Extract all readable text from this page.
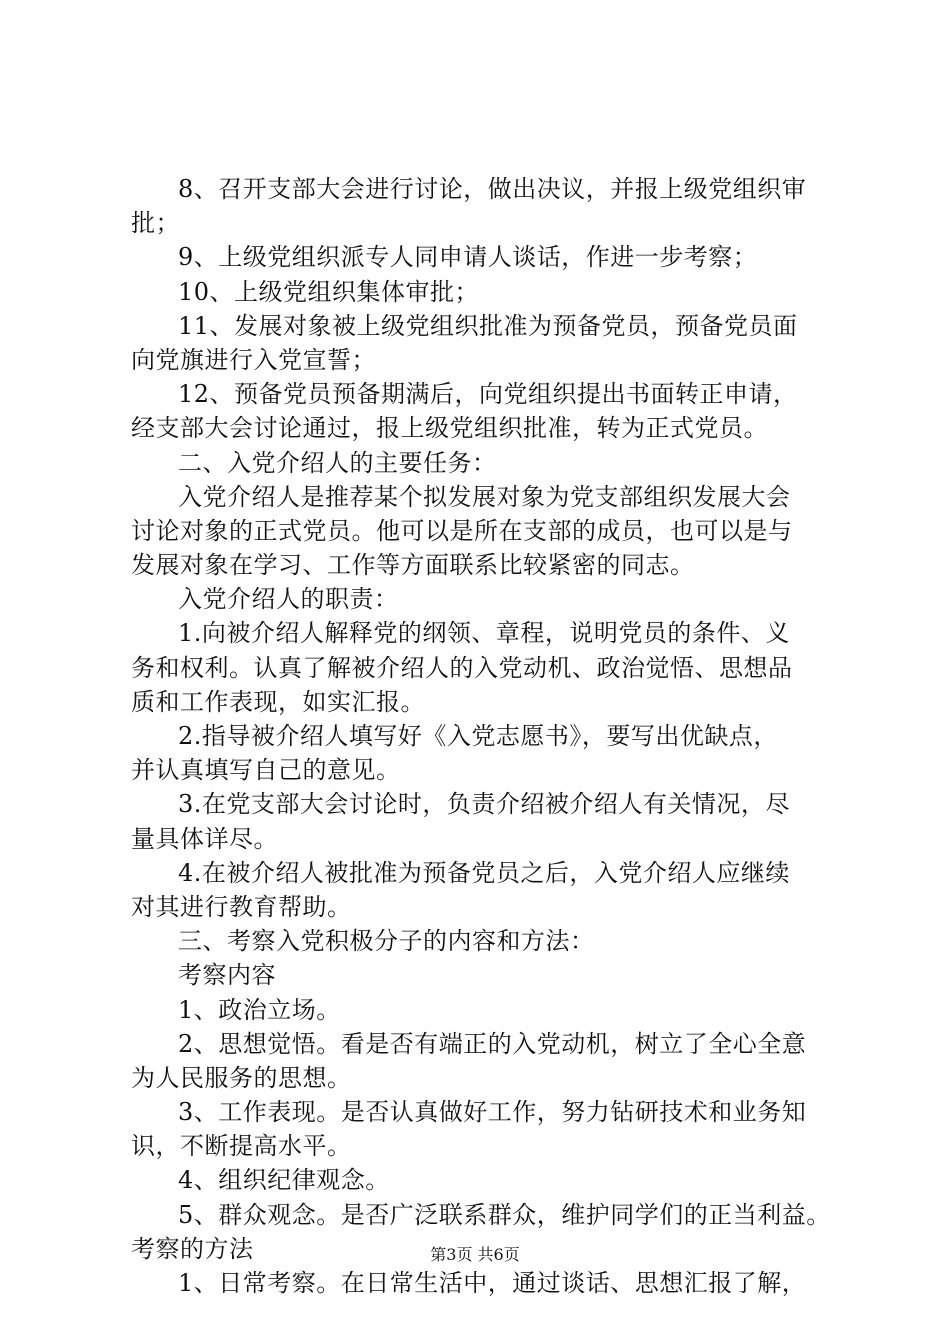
8、召开支部大会进行讨论，做出决议，并报上级党组织审
批；
9、上级党组织派专人同申请人谈话，作进一步考察；
10、上级党组织集体审批；
11、发展对象被上级党组织批准为预备党员，预备党员面
向党旗进行入党宣誓；
12、预备党员预备期满后，向党组织提出书面转正申请，
经支部大会讨论通过，报上级党组织批准，转为正式党员。
二、入党介绍人的主要任务：
入党介绍人是推荐某个拟发展对象为党支部组织发展大会
讨论对象的正式党员。他可以是所在支部的成员，也可以是与
发展对象在学习、工作等方面联系比较紧密的同志。
入党介绍人的职责：
1.向被介绍人解释党的纲领、章程，说明党员的条件、义
务和权利。认真了解被介绍人的入党动机、政治觉悟、思想品
质和工作表现，如实汇报。
2.指导被介绍人填写好《入党志愿书》，要写出优缺点，
并认真填写自己的意见。
3.在党支部大会讨论时，负责介绍被介绍人有关情况，尽
量具体详尽。
4.在被介绍人被批准为预备党员之后，入党介绍人应继续
对其进行教育帮助。
三、考察入党积极分子的内容和方法：
考察内容
1、政治立场。
2、思想觉悟。看是否有端正的入党动机，树立了全心全意
为人民服务的思想。
3、工作表现。是否认真做好工作，努力钻研技术和业务知
识，不断提高水平。
4、组织纪律观念。
5、群众观念。是否广泛联系群众，维护同学们的正当利益。
考察的方法
1、日常考察。在日常生活中，通过谈话、思想汇报了解，
第3页 共6页
